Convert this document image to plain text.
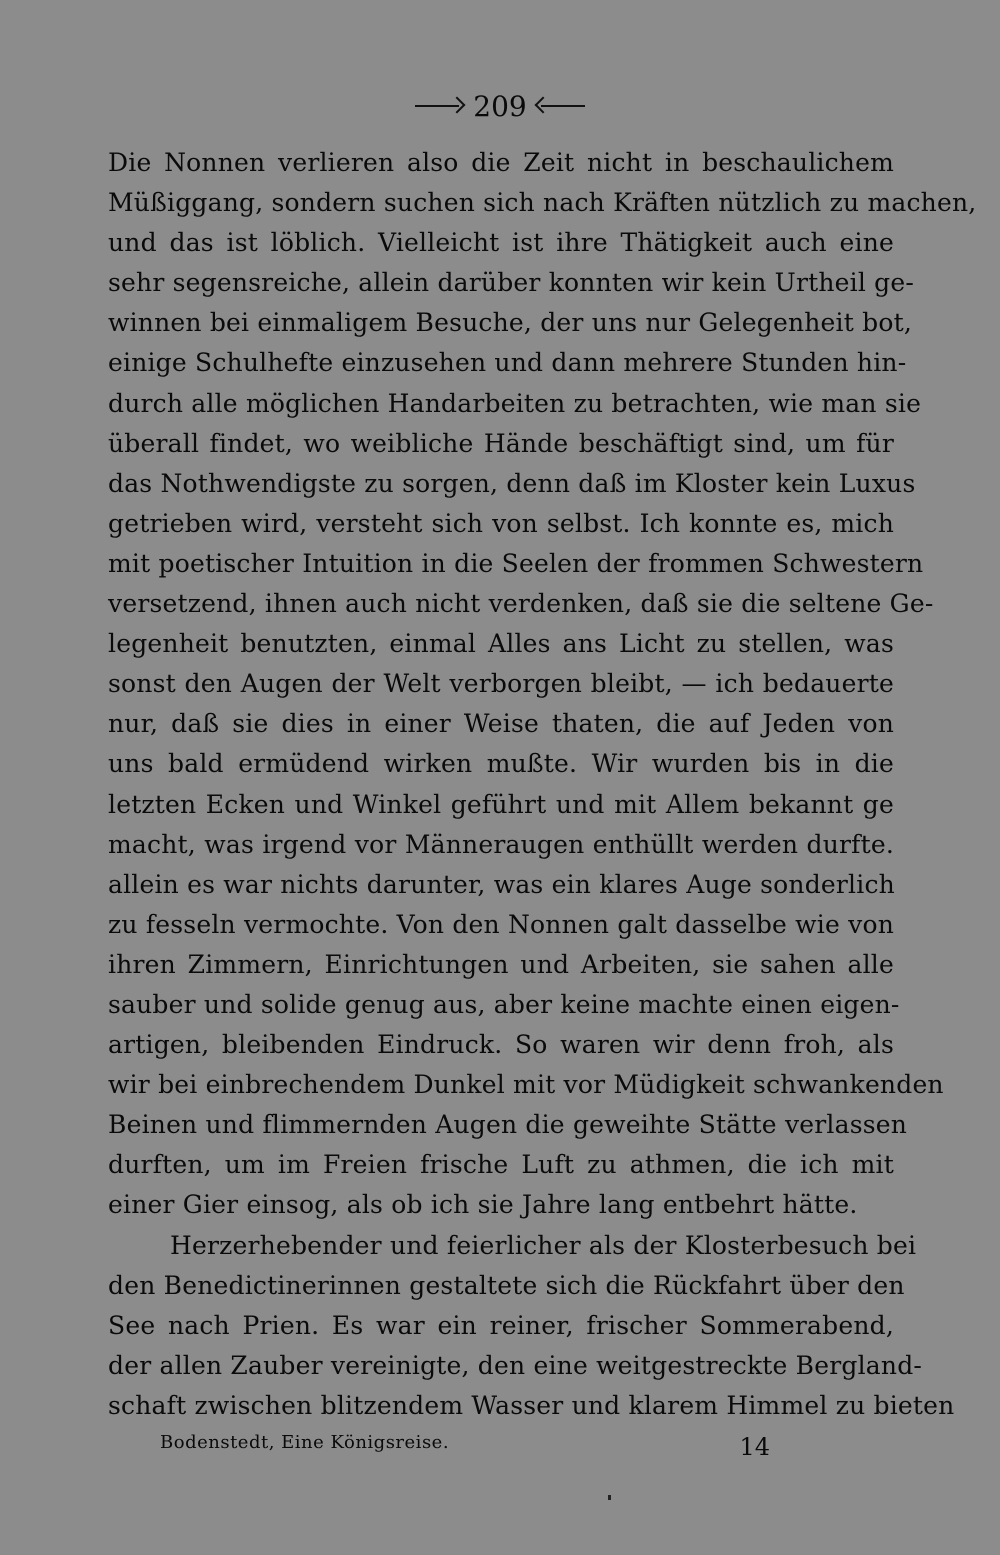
209
Die Nonnen verlieren also die Zeit nicht in beschaulichem
Müßiggang, sondern suchen sich nach Kräften nützlich zu machen,
und das ist löblich. Vielleicht ist ihre Thätigkeit auch eine
sehr segensreiche, allein darüber konnten wir kein Urtheil ge-
winnen bei einmaligem Besuche, der uns nur Gelegenheit bot,
einige Schulhefte einzusehen und dann mehrere Stunden hin-
durch alle möglichen Handarbeiten zu betrachten, wie man sie
überall findet, wo weibliche Hände beschäftigt sind, um für
das Nothwendigste zu sorgen, denn daß im Kloster kein Luxus
getrieben wird, versteht sich von selbst. Ich konnte es, mich
mit poetischer Intuition in die Seelen der frommen Schwestern
versetzend, ihnen auch nicht verdenken, daß sie die seltene Ge-
legenheit benutzten, einmal Alles ans Licht zu stellen, was
sonst den Augen der Welt verborgen bleibt, — ich bedauerte
nur, daß sie dies in einer Weise thaten, die auf Jeden von
uns bald ermüdend wirken mußte. Wir wurden bis in die
letzten Ecken und Winkel geführt und mit Allem bekannt ge
macht, was irgend vor Männeraugen enthüllt werden durfte.
allein es war nichts darunter, was ein klares Auge sonderlich
zu fesseln vermochte. Von den Nonnen galt dasselbe wie von
ihren Zimmern, Einrichtungen und Arbeiten, sie sahen alle
sauber und solide genug aus, aber keine machte einen eigen-
artigen, bleibenden Eindruck. So waren wir denn froh, als
wir bei einbrechendem Dunkel mit vor Müdigkeit schwankenden
Beinen und flimmernden Augen die geweihte Stätte verlassen
durften, um im Freien frische Luft zu athmen, die ich mit
einer Gier einsog, als ob ich sie Jahre lang entbehrt hätte.
Herzerhebender und feierlicher als der Klosterbesuch bei
den Benedictinerinnen gestaltete sich die Rückfahrt über den
See nach Prien. Es war ein reiner, frischer Sommerabend,
der allen Zauber vereinigte, den eine weitgestreckte Bergland-
schaft zwischen blitzendem Wasser und klarem Himmel zu bieten
Bodenstedt, Eine Königsreise.	14
